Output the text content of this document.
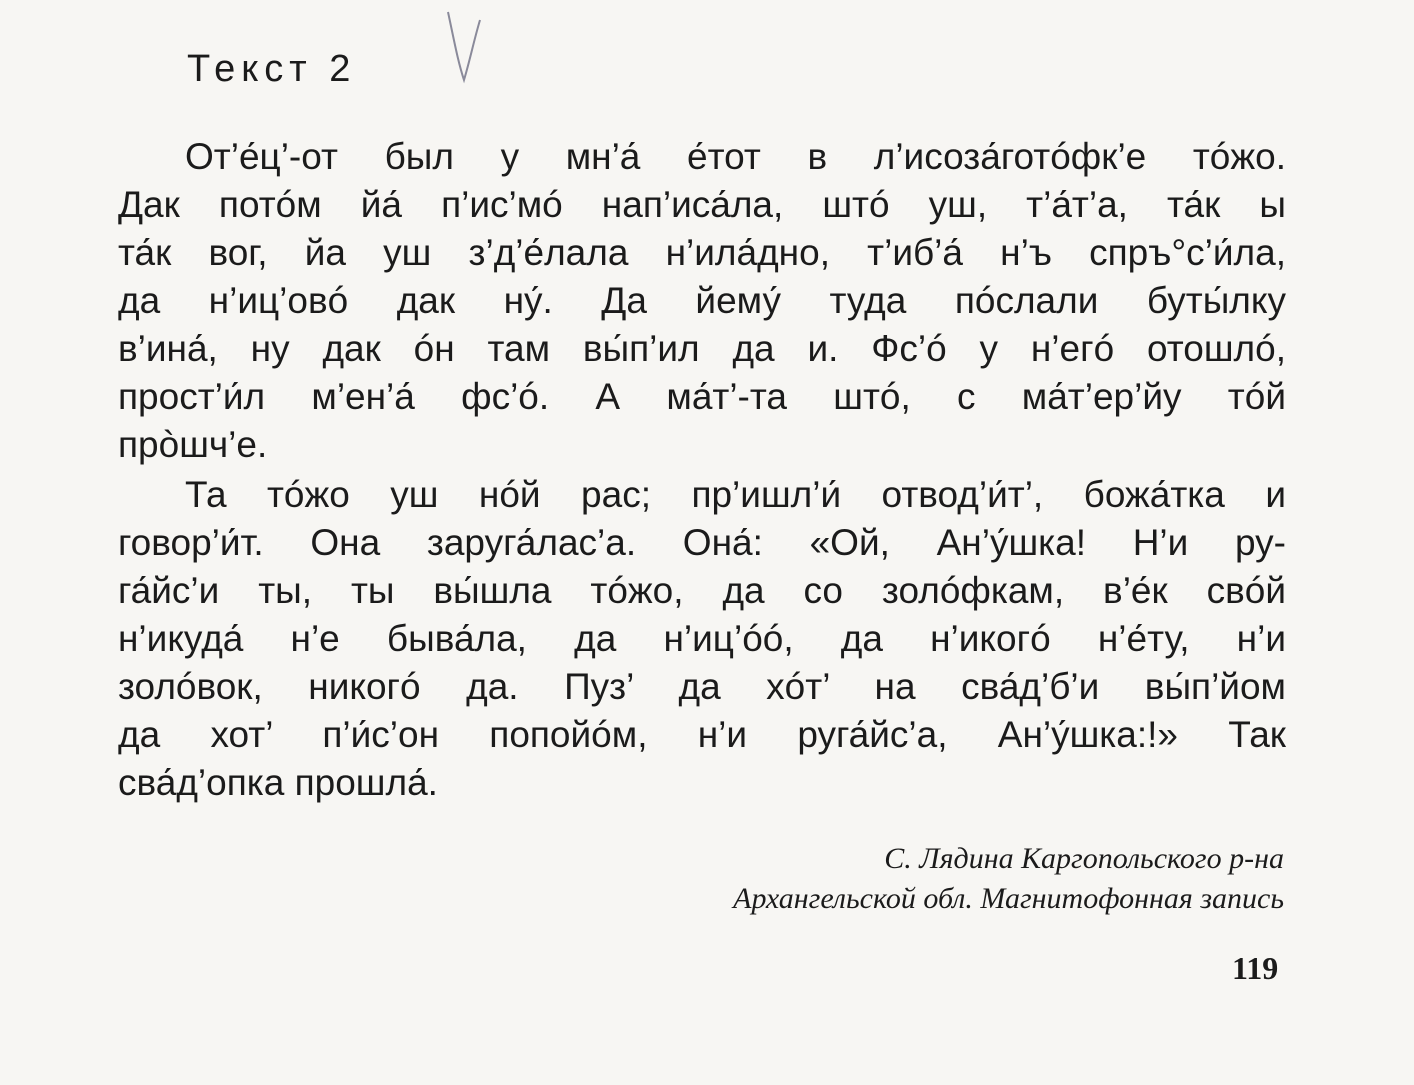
Текст 2
От’е́ц’-от был у мн’а́ е́тот в л’исоза́готóфк’е тóжо.
Дак потóм йа́ п’ис’мó нап’иса́ла, штó уш, т’а́т’а, та́к ы
та́к вог, йа уш з’д’е́лала н’ила́дно, т’иб’а́ н’ъ спръ°с’и́ла,
да н’иц’овó дак ну́. Да йему́ туда пóслали буты́лку
в’ина́, ну дак óн там вы́п’ил да и. Фс’ó у н’егó отошлó,
прост’и́л м’ен’а́ фс’ó. А ма́т’-та штó, с ма́т’ер’йу тóй
прòшч’е.
Та тóжо уш нóй рас; пр’ишл’и́ отвод’и́т’, божа́тка и
говор’и́т. Она заруга́лас’а. Она́: «Ой, Ан’у́шка! Н’и ру-
га́йс’и ты, ты вы́шла тóжо, да со золóфкам, в’е́к свóй
н’икуда́ н’е быва́ла, да н’иц’óó, да н’икогó н’е́ту, н’и
золóвок, никогó да. Пуз’ да хóт’ на сва́д’б’и вы́п’йом
да хот’ п’и́с’он попойóм, н’и руга́йс’а, Ан’у́шка:!» Так
сва́д’опка прошла́.
С. Лядина Каргопольского р-на
Архангельской обл. Магнитофонная запись
119
